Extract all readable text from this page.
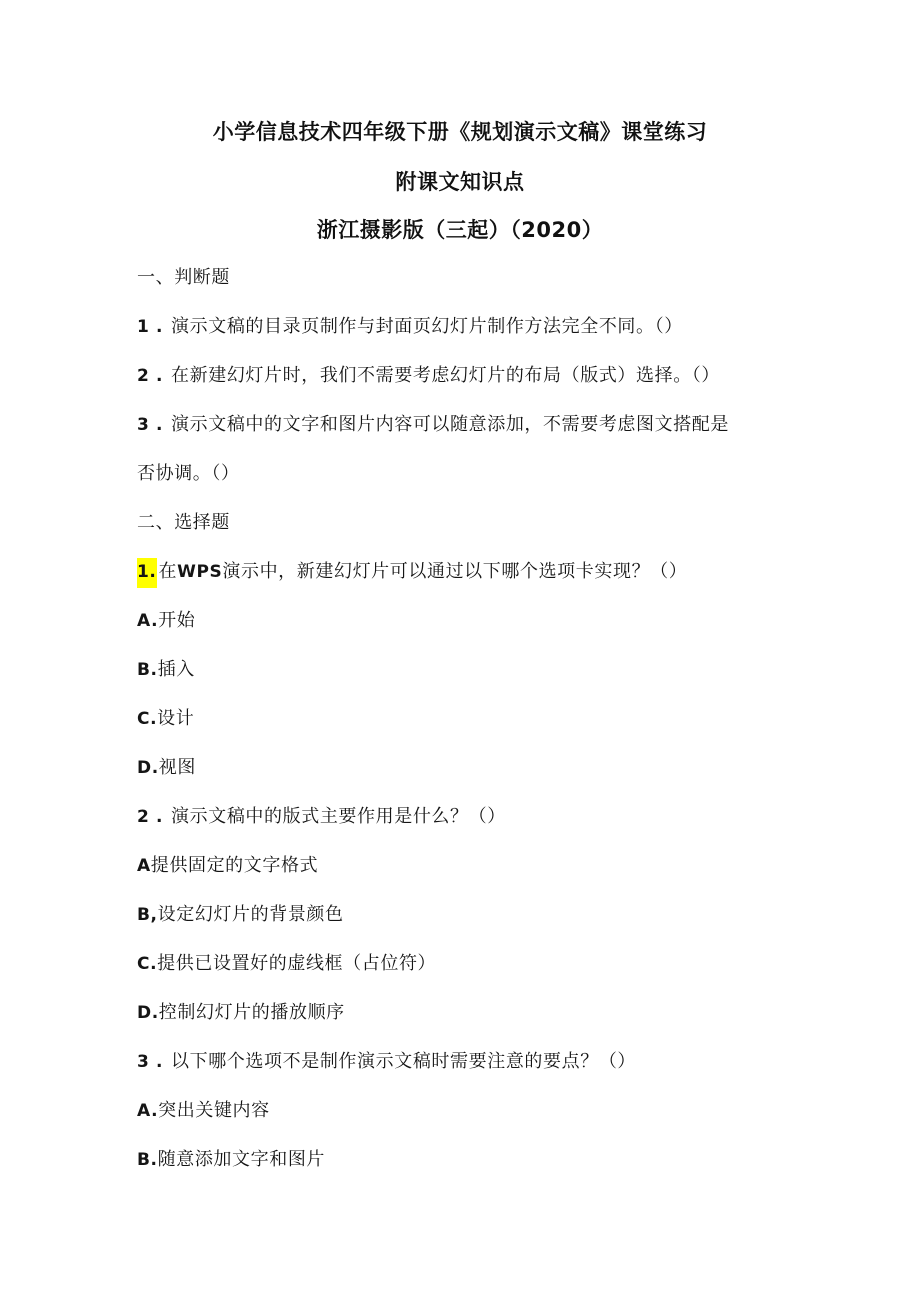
小学信息技术四年级下册《规划演示文稿》课堂练习
附课文知识点
浙江摄影版（三起）（2020）
一、判断题
1 . 演示文稿的目录页制作与封面页幻灯片制作方法完全不同。（）
2 . 在新建幻灯片时，我们不需要考虑幻灯片的布局（版式）选择。（）
3 . 演示文稿中的文字和图片内容可以随意添加，不需要考虑图文搭配是
否协调。（）
二、选择题
1. 在WPS演示中，新建幻灯片可以通过以下哪个选项卡实现？（）
A.开始
B.插入
C.设计
D.视图
2 . 演示文稿中的版式主要作用是什么？（）
A提供固定的文字格式
B,设定幻灯片的背景颜色
C.提供已设置好的虚线框（占位符）
D.控制幻灯片的播放顺序
3 . 以下哪个选项不是制作演示文稿时需要注意的要点？（）
A.突出关键内容
B.随意添加文字和图片
